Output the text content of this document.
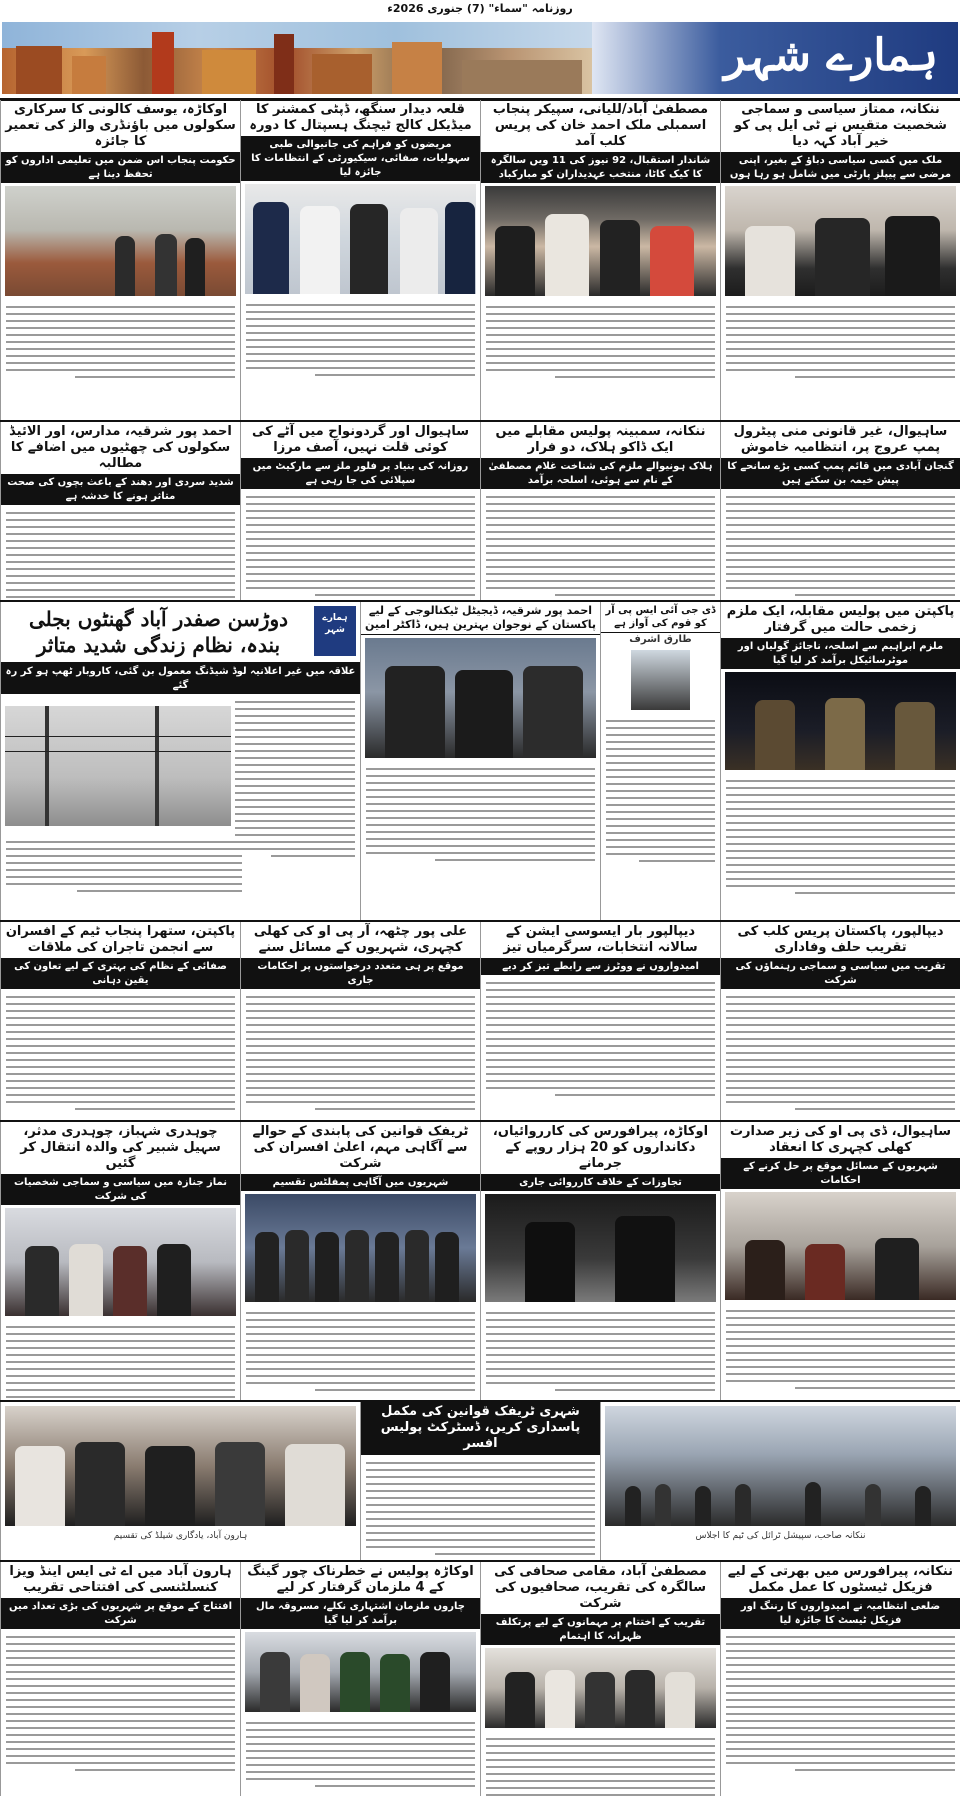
روزنامہ "سماء" (7) جنوری 2026ء
ہمارے شہر
ننکانہ، ممتاز سیاسی و سماجی شخصیت متقیس نے ٹی ایل پی کو خیر آباد کہہ دیا
ملک میں کسی سیاسی دباؤ کے بغیر، اپنی مرضی سے پیپلز پارٹی میں شامل ہو رہا ہوں
مصطفیٰ آباد/للیانی، سپیکر پنجاب اسمبلی ملک احمد خان کی پریس کلب آمد
شاندار استقبال، 92 نیوز کی 11 ویں سالگرہ کا کیک کاٹا، منتخب عہدیداران کو مبارکباد
قلعہ دیدار سنگھ، ڈپٹی کمشنر کا میڈیکل کالج ٹیچنگ ہسپتال کا دورہ
مریضوں کو فراہم کی جانیوالی طبی سہولیات، صفائی، سیکیورٹی کے انتظامات کا جائزہ لیا
اوکاڑہ، یوسف کالونی کا سرکاری سکولوں میں باؤنڈری والز کی تعمیر کا جائزہ
حکومت پنجاب اس ضمن میں تعلیمی اداروں کو تحفظ دینا ہے
ساہیوال، غیر قانونی منی پیٹرول پمپ عروج پر، انتظامیہ خاموش
گنجان آبادی میں قائم پمپ کسی بڑے سانحے کا پیش خیمہ بن سکتے ہیں
ننکانہ، سمبینہ پولیس مقابلے میں ایک ڈاکو ہلاک، دو فرار
ہلاک ہونیوالے ملزم کی شناخت غلام مصطفیٰ کے نام سے ہوئی، اسلحہ برآمد
ساہیوال اور گردونواح میں آٹے کی کوئی قلت نہیں، آصف مرزا
روزانہ کی بنیاد پر فلور ملز سے مارکیٹ میں سپلائی کی جا رہی ہے
احمد پور شرقیہ، مدارس، اور الائیڈ سکولوں کی چھٹیوں میں اضافے کا مطالبہ
شدید سردی اور دھند کے باعث بچوں کی صحت متاثر ہونے کا خدشہ ہے
پاکپتن میں پولیس مقابلہ، ایک ملزم زخمی حالت میں گرفتار
ملزم ابراہیم سے اسلحہ، ناجائز گولیاں اور موٹرسائیکل برآمد کر لیا گیا
ڈی جی آئی ایس پی آر کو قوم کی آواز ہے
طارق اشرف
احمد پور شرقیہ، ڈیجیٹل ٹیکنالوجی کے لیے پاکستان کے نوجوان بہترین ہیں، ڈاکٹر امین
دوڑسن صفدر آباد گھنٹوں بجلی بندہ، نظام زندگی شدید متاثر
ہمارے شہر
علاقہ میں غیر اعلانیہ لوڈ شیڈنگ معمول بن گئی، کاروبار ٹھپ ہو کر رہ گئے
دیپالپور، پاکستان پریس کلب کی تقریب حلف وفاداری
تقریب میں سیاسی و سماجی رہنماؤں کی شرکت
دیپالپور بار ایسوسی ایشن کے سالانہ انتخابات، سرگرمیاں تیز
امیدواروں نے ووٹرز سے رابطے تیز کر دیے
علی پور چٹھہ، آر پی او کی کھلی کچہری، شہریوں کے مسائل سنے
موقع پر ہی متعدد درخواستوں پر احکامات جاری
پاکپتن، ستھرا پنجاب ٹیم کے افسران سے انجمن تاجران کی ملاقات
صفائی کے نظام کی بہتری کے لیے تعاون کی یقین دہانی
ساہیوال، ڈی پی او کی زیر صدارت کھلی کچہری کا انعقاد
شہریوں کے مسائل موقع پر حل کرنے کے احکامات
اوکاڑہ، پیرافورس کی کارروائیاں، دکانداروں کو 20 ہزار روپے کے جرمانے
تجاوزات کے خلاف کارروائی جاری
ٹریفک قوانین کی پابندی کے حوالے سے آگاہی مہم، اعلیٰ افسران کی شرکت
شہریوں میں آگاہی پمفلٹس تقسیم
چوہدری شہباز، چوہدری مدثر، سہیل شبیر کی والدہ انتقال کر گئیں
نماز جنازہ میں سیاسی و سماجی شخصیات کی شرکت
ننکانہ صاحب، سپیشل ٹرائل کی ٹیم کا اجلاس
شہری ٹریفک قوانین کی مکمل پاسداری کریں، ڈسٹرکٹ پولیس افسر
ہارون آباد، یادگاری شیلڈ کی تقسیم
ننکانہ، پیرافورس میں بھرتی کے لیے فزیکل ٹیسٹوں کا عمل مکمل
ضلعی انتظامیہ نے امیدواروں کا رننگ اور فزیکل ٹیسٹ کا جائزہ لیا
مصطفیٰ آباد، مقامی صحافی کی سالگرہ کی تقریب، صحافیوں کی شرکت
تقریب کے اختتام پر مہمانوں کے لیے پرتکلف ظہرانہ کا اہتمام
اوکاڑہ پولیس نے خطرناک چور گینگ کے 4 ملزمان گرفتار کر لیے
چاروں ملزمان اشتہاری نکلے، مسروقہ مال برآمد کر لیا گیا
ہارون آباد میں اے ٹی ایس اینڈ ویزا کنسلٹنسی کی افتتاحی تقریب
افتتاح کے موقع پر شہریوں کی بڑی تعداد میں شرکت
